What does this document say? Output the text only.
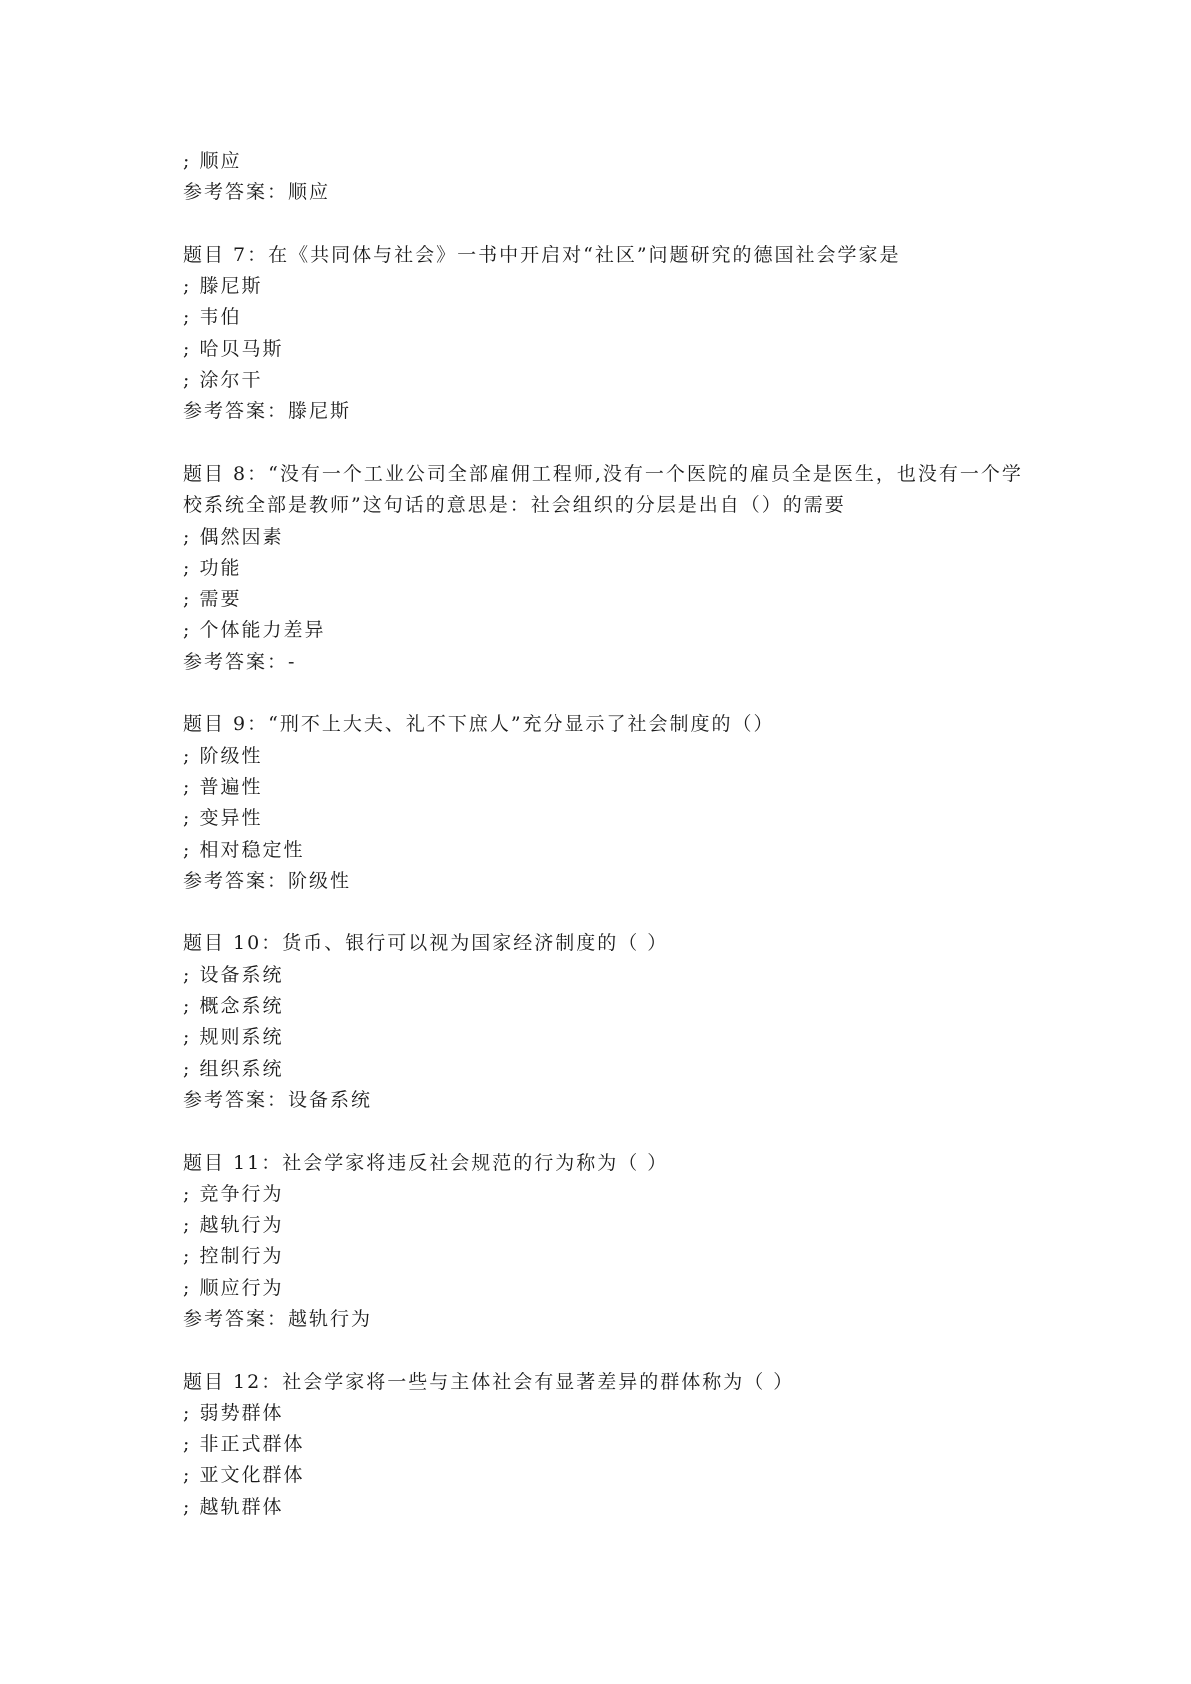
; 顺应
参考答案：顺应
题目 7：在《共同体与社会》一书中开启对“社区”问题研究的德国社会学家是
; 滕尼斯
; 韦伯
; 哈贝马斯
; 涂尔干
参考答案：滕尼斯
题目 8：“没有一个工业公司全部雇佣工程师,没有一个医院的雇员全是医生，也没有一个学
校系统全部是教师”这句话的意思是：社会组织的分层是出自（）的需要
; 偶然因素
; 功能
; 需要
; 个体能力差异
参考答案：-
题目 9：“刑不上大夫、礼不下庶人”充分显示了社会制度的（）
; 阶级性
; 普遍性
; 变异性
; 相对稳定性
参考答案：阶级性
题目 10：货币、银行可以视为国家经济制度的（ ）
; 设备系统
; 概念系统
; 规则系统
; 组织系统
参考答案：设备系统
题目 11：社会学家将违反社会规范的行为称为（ ）
; 竞争行为
; 越轨行为
; 控制行为
; 顺应行为
参考答案：越轨行为
题目 12：社会学家将一些与主体社会有显著差异的群体称为（ ）
; 弱势群体
; 非正式群体
; 亚文化群体
; 越轨群体
